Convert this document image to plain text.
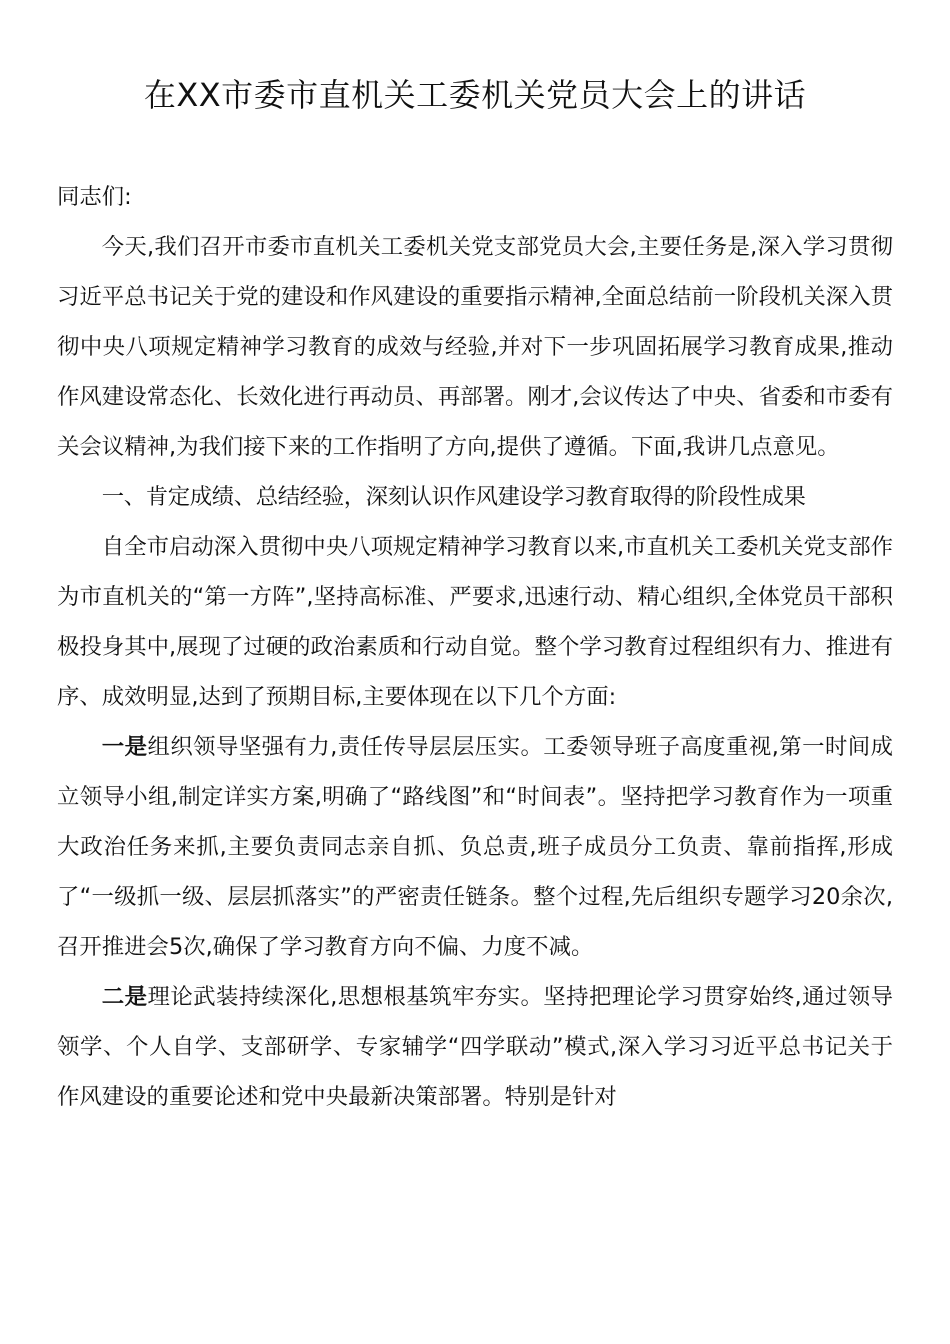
在XX市委市直机关工委机关党员大会上的讲话

同志们:

今天,我们召开市委市直机关工委机关党支部党员大会,主要任务是,深入学习贯彻习近平总书记关于党的建设和作风建设的重要指示精神,全面总结前一阶段机关深入贯彻中央八项规定精神学习教育的成效与经验,并对下一步巩固拓展学习教育成果,推动作风建设常态化、长效化进行再动员、再部署。刚才,会议传达了中央、省委和市委有关会议精神,为我们接下来的工作指明了方向,提供了遵循。下面,我讲几点意见。

一、肯定成绩、总结经验，深刻认识作风建设学习教育取得的阶段性成果

自全市启动深入贯彻中央八项规定精神学习教育以来,市直机关工委机关党支部作为市直机关的“第一方阵”,坚持高标准、严要求,迅速行动、精心组织,全体党员干部积极投身其中,展现了过硬的政治素质和行动自觉。整个学习教育过程组织有力、推进有序、成效明显,达到了预期目标,主要体现在以下几个方面:

一是组织领导坚强有力,责任传导层层压实。工委领导班子高度重视,第一时间成立领导小组,制定详实方案,明确了“路线图”和“时间表”。坚持把学习教育作为一项重大政治任务来抓,主要负责同志亲自抓、负总责,班子成员分工负责、靠前指挥,形成了“一级抓一级、层层抓落实”的严密责任链条。整个过程,先后组织专题学习20余次,召开推进会5次,确保了学习教育方向不偏、力度不减。

二是理论武装持续深化,思想根基筑牢夯实。坚持把理论学习贯穿始终,通过领导领学、个人自学、支部研学、专家辅学“四学联动”模式,深入学习习近平总书记关于作风建设的重要论述和党中央最新决策部署。特别是针对
